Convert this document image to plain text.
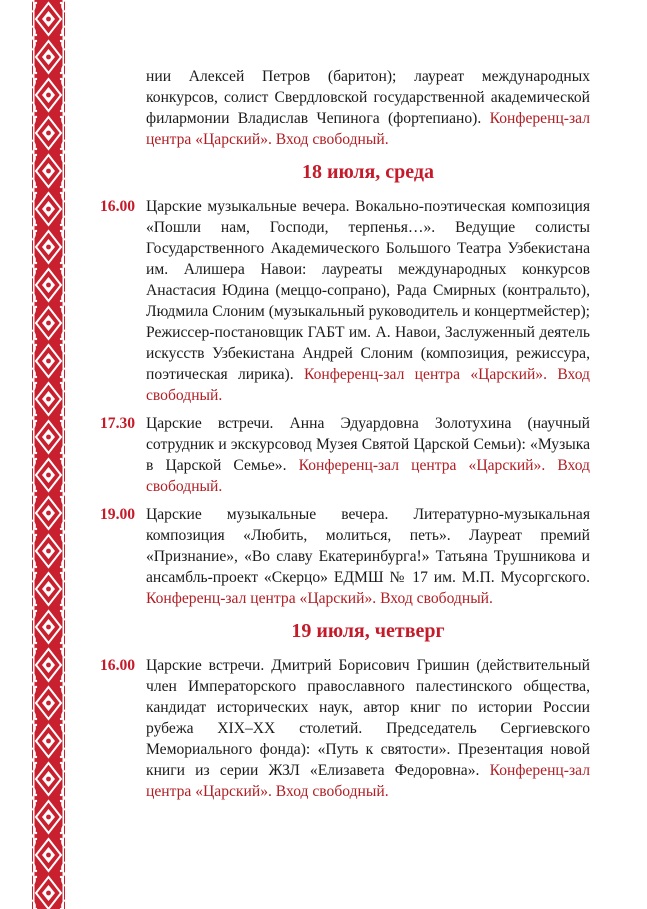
нии Алексей Петров (баритон); лауреат международных конкурсов, солист Свердловской государственной академической филармонии Владислав Чепинога (фортепиано). Конференц-зал центра «Царский». Вход свободный.
18 июля, среда
16.00 Царские музыкальные вечера. Вокально-поэтическая композиция «Пошли нам, Господи, терпенья…». Ведущие солисты Государственного Академического Большого Театра Узбекистана им. Алишера Навои: лауреаты международных конкурсов Анастасия Юдина (меццо-сопрано), Рада Смирных (контральто), Людмила Слоним (музыкальный руководитель и концертмейстер); Режиссер-постановщик ГАБТ им. А. Навои, Заслуженный деятель искусств Узбекистана Андрей Слоним (композиция, режиссура, поэтическая лирика). Конференц-зал центра «Царский». Вход свободный.
17.30 Царские встречи. Анна Эдуардовна Золотухина (научный сотрудник и экскурсовод Музея Святой Царской Семьи): «Музыка в Царской Семье». Конференц-зал центра «Царский». Вход свободный.
19.00 Царские музыкальные вечера. Литературно-музыкальная композиция «Любить, молиться, петь». Лауреат премий «Признание», «Во славу Екатеринбурга!» Татьяна Трушникова и ансамбль-проект «Скерцо» ЕДМШ № 17 им. М.П. Мусоргского. Конференц-зал центра «Царский». Вход свободный.
19 июля, четверг
16.00 Царские встречи. Дмитрий Борисович Гришин (действительный член Императорского православного палестинского общества, кандидат исторических наук, автор книг по истории России рубежа XIX–XX столетий. Председатель Сергиевского Мемориального фонда): «Путь к святости». Презентация новой книги из серии ЖЗЛ «Елизавета Федоровна». Конференц-зал центра «Царский». Вход свободный.
